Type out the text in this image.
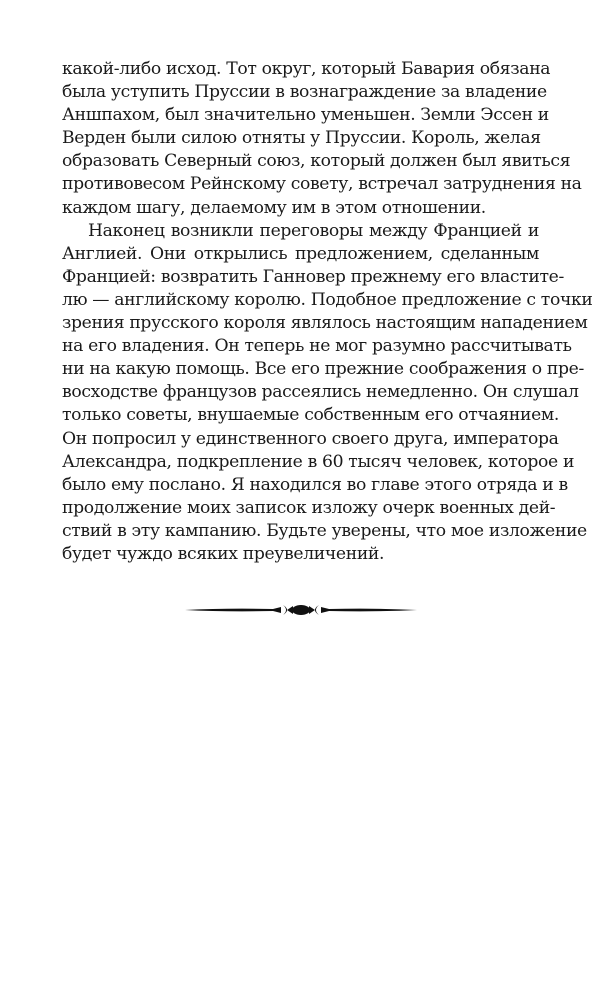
какой-либо исход. Тот округ, который Бавария обязана
была уступить Пруссии в вознаграждение за владение
Аншпахом, был значительно уменьшен. Земли Эссен и
Верден были силою отняты у Пруссии. Король, желая
образовать Северный союз, который должен был явиться
противовесом Рейнскому совету, встречал затруднения на
каждом шагу, делаемому им в этом отношении.
Наконец возникли переговоры между Францией и
Англией. Они открылись предложением, сделанным
Францией: возвратить Ганновер прежнему его властите-
лю — английскому королю. Подобное предложение с точки
зрения прусского короля являлось настоящим нападением
на его владения. Он теперь не мог разумно рассчитывать
ни на какую помощь. Все его прежние соображения о пре-
восходстве французов рассеялись немедленно. Он слушал
только советы, внушаемые собственным его отчаянием.
Он попросил у единственного своего друга, императора
Александра, подкрепление в 60 тысяч человек, которое и
было ему послано. Я находился во главе этого отряда и в
продолжение моих записок изложу очерк военных дей-
ствий в эту кампанию. Будьте уверены, что мое изложение
будет чуждо всяких преувеличений.
